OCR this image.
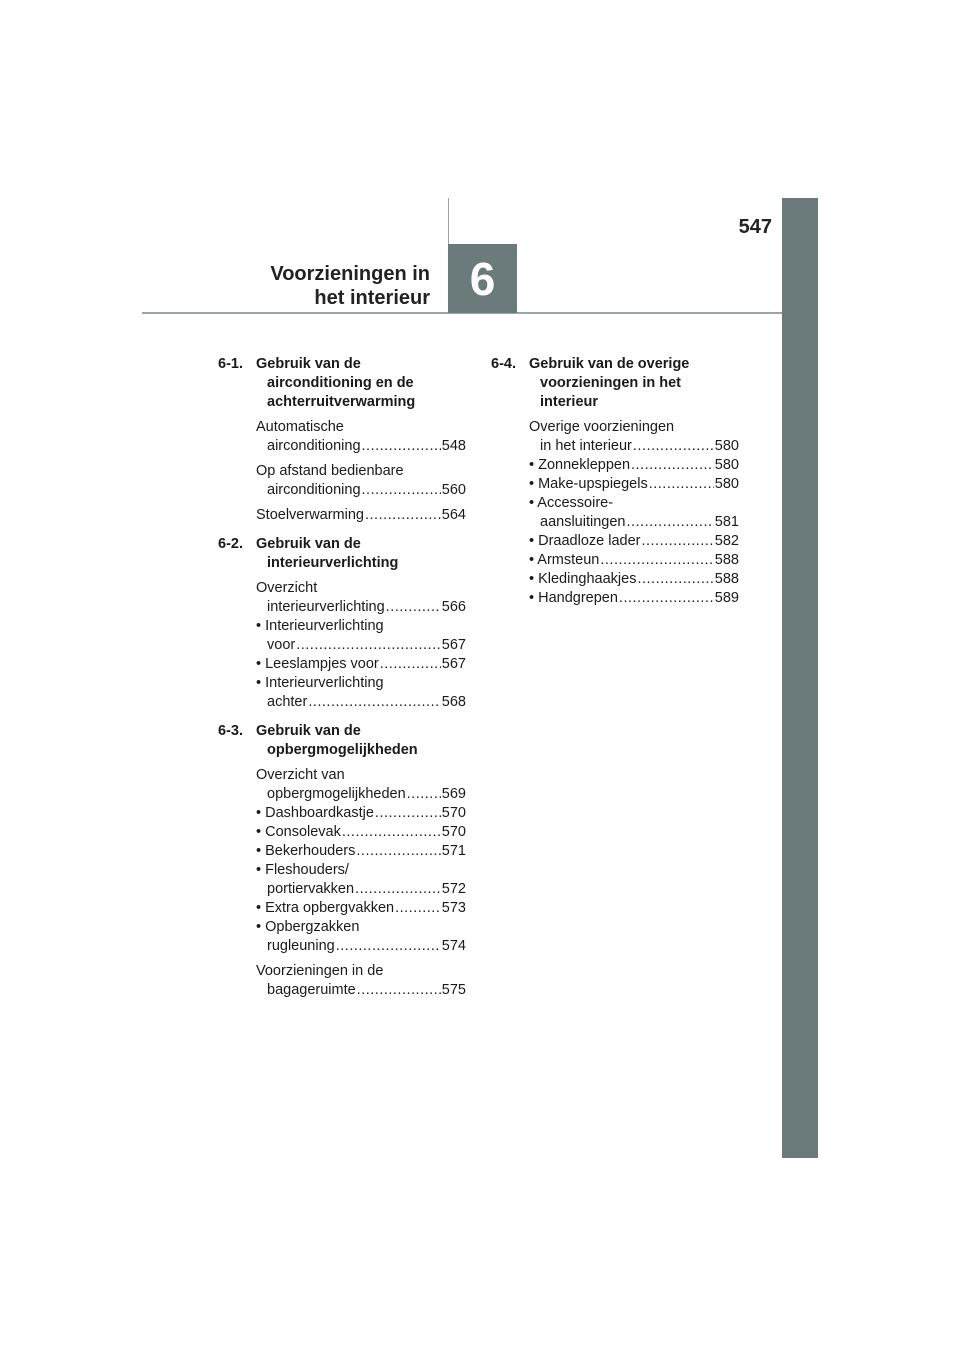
547
6
Voorzieningen in
het interieur
6-1. Gebruik van de
airconditioning en de
achterruitverwarming
Automatische
airconditioning .....	548
Op afstand bedienbare
airconditioning .....	560
Stoelverwarming .....	564
6-2. Gebruik van de
interieurverlichting
Overzicht
interieurverlichting .....	566
• Interieurverlichting
voor .....	567
• Leeslampjes voor .....	567
• Interieurverlichting
achter .....	568
6-3. Gebruik van de
opbergmogelijkheden
Overzicht van
opbergmogelijkheden ..... 569
• Dashboardkastje .....	570
• Consolevak .....	570
• Bekerhouders .....	571
• Fleshouders/
portiervakken .....	572
• Extra opbergvakken .....	573
• Opbergzakken
rugleuning .....	574
Voorzieningen in de
bagageruimte .....	575
6-4. Gebruik van de overige
voorzieningen in het
interieur
Overige voorzieningen
in het interieur .....	580
• Zonnekleppen .....	580
• Make-upspiegels .....	580
• Accessoire-
aansluitingen .....	581
• Draadloze lader .....	582
• Armsteun .....	588
• Kledinghaakjes .....	588
• Handgrepen .....	589
